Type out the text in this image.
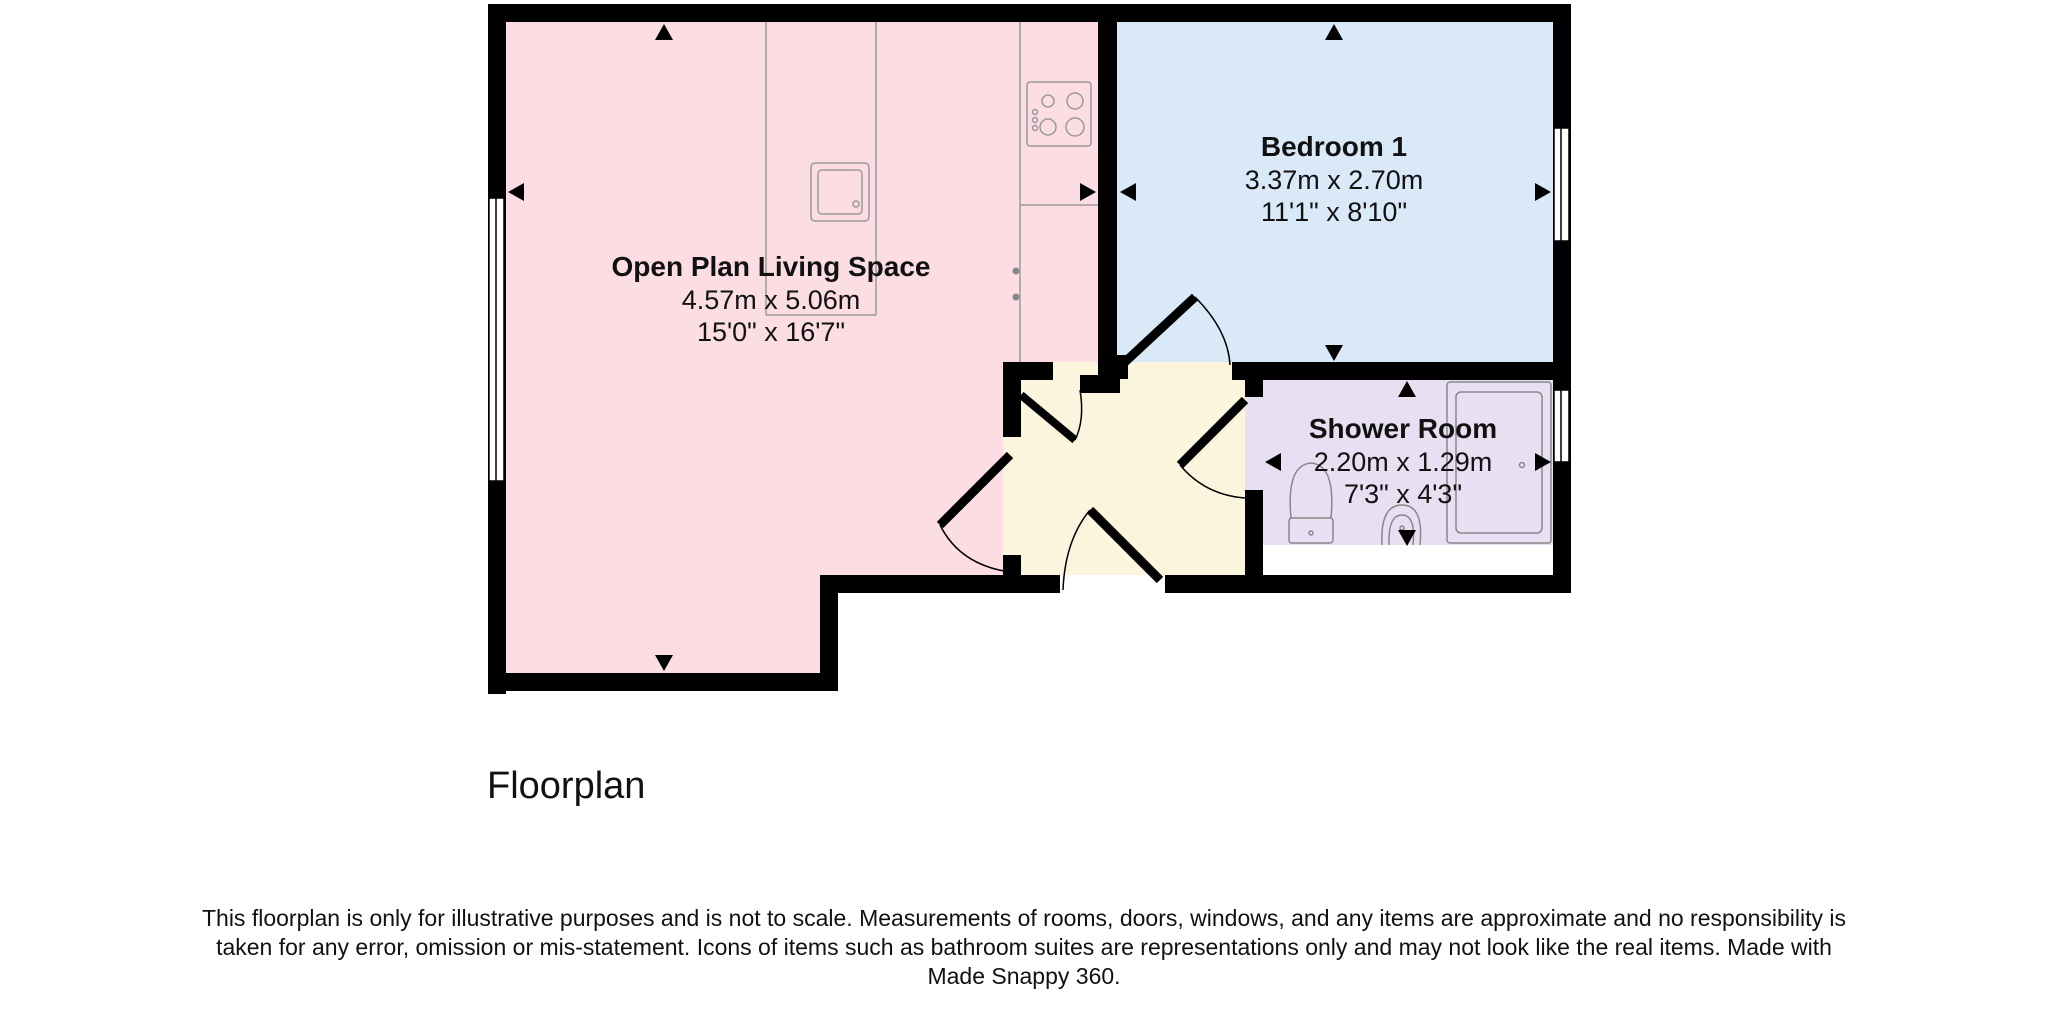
Open Plan Living Space
4.57m x 5.06m
15'0" x 16'7"
Bedroom 1
3.37m x 2.70m
11'1" x 8'10"
Shower Room
2.20m x 1.29m
7'3" x 4'3"
Floorplan
This floorplan is only for illustrative purposes and is not to scale. Measurements of rooms, doors, windows, and any items are approximate and no responsibility is taken for any error, omission or mis-statement. Icons of items such as bathroom suites are representations only and may not look like the real items. Made with Made Snappy 360.
